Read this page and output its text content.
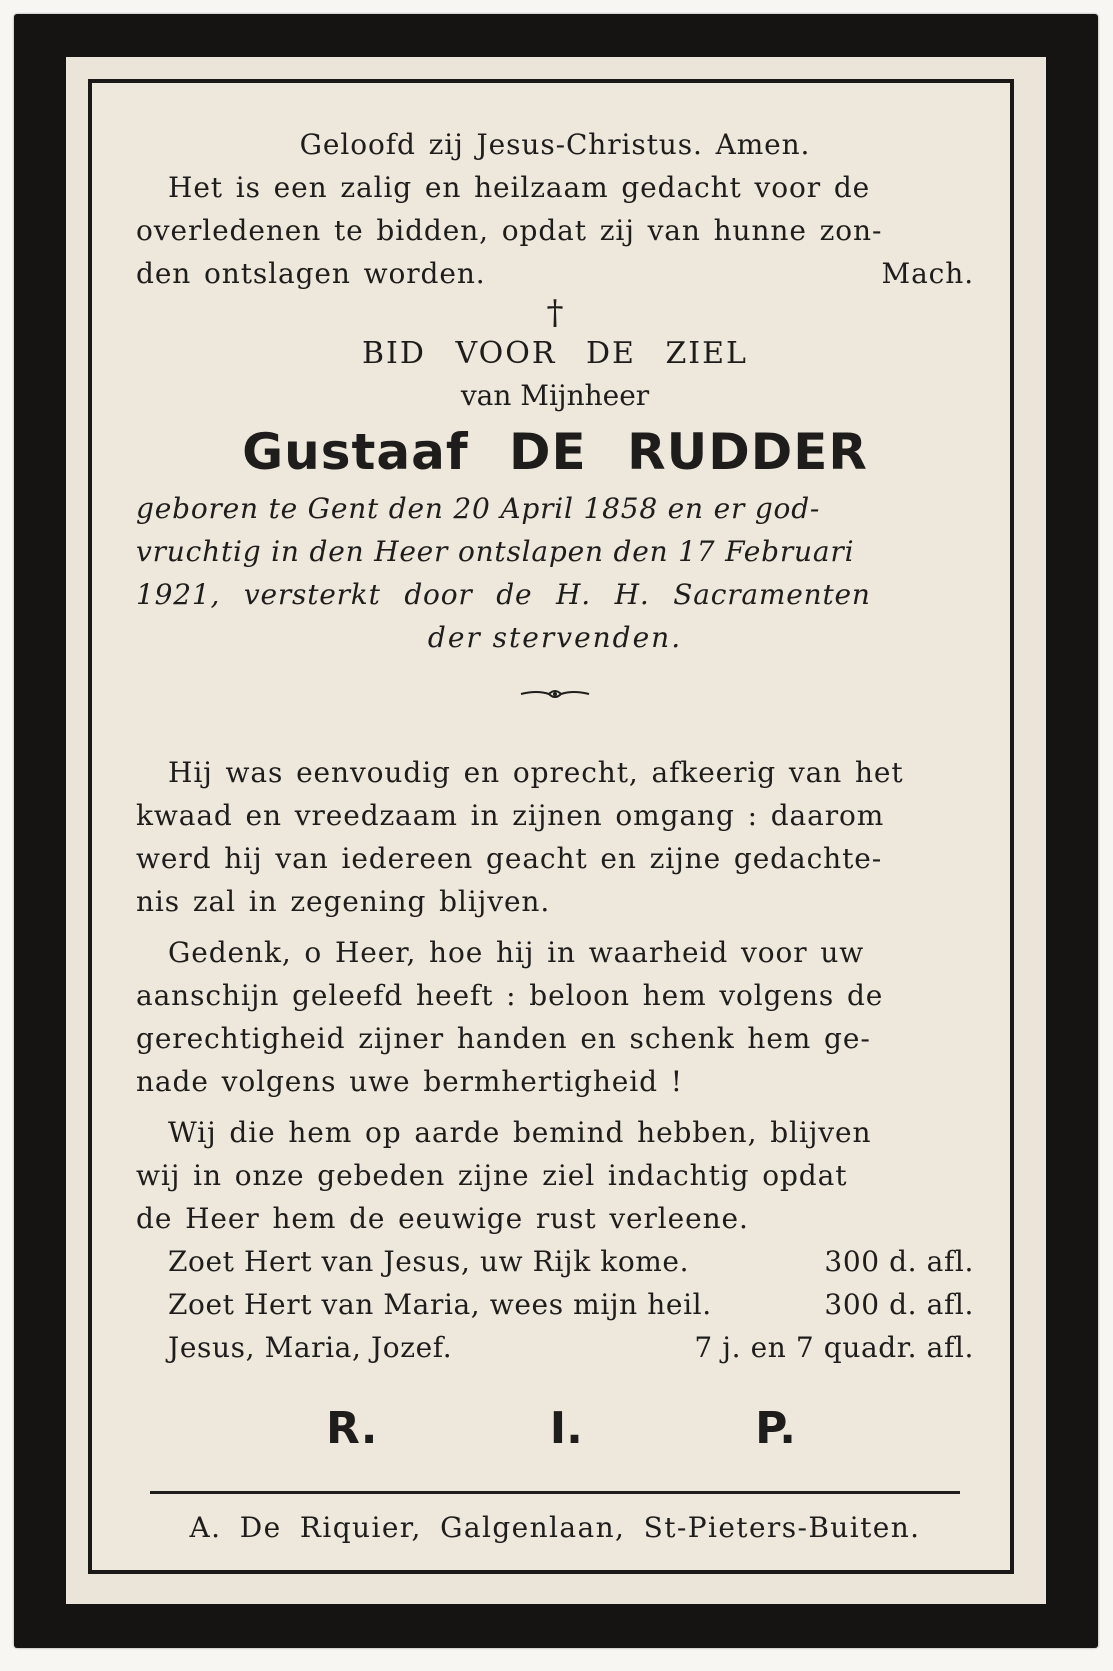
Geloofd zij Jesus-Christus. Amen.
Het is een zalig en heilzaam gedacht voor de
overledenen te bidden, opdat zij van hunne zon-
den ontslagen worden.	Mach.
†
BID VOOR DE ZIEL
van Mijnheer
Gustaaf DE RUDDER
geboren te Gent den 20 April 1858 en er god-
vruchtig in den Heer ontslapen den 17 Februari
1921, versterkt door de H. H. Sacramenten
der stervenden.
Hij was eenvoudig en oprecht, afkeerig van het
kwaad en vreedzaam in zijnen omgang : daarom
werd hij van iedereen geacht en zijne gedachte-
nis zal in zegening blijven.
Gedenk, o Heer, hoe hij in waarheid voor uw
aanschijn geleefd heeft : beloon hem volgens de
gerechtigheid zijner handen en schenk hem ge-
nade volgens uwe bermhertigheid !
Wij die hem op aarde bemind hebben, blijven
wij in onze gebeden zijne ziel indachtig opdat
de Heer hem de eeuwige rust verleene.
Zoet Hert van Jesus, uw Rijk kome.	300 d. afl.
Zoet Hert van Maria, wees mijn heil.	300 d. afl.
Jesus, Maria, Jozef.	7 j. en 7 quadr. afl.
R.	I.	P.
A. De Riquier, Galgenlaan, St-Pieters-Buiten.
